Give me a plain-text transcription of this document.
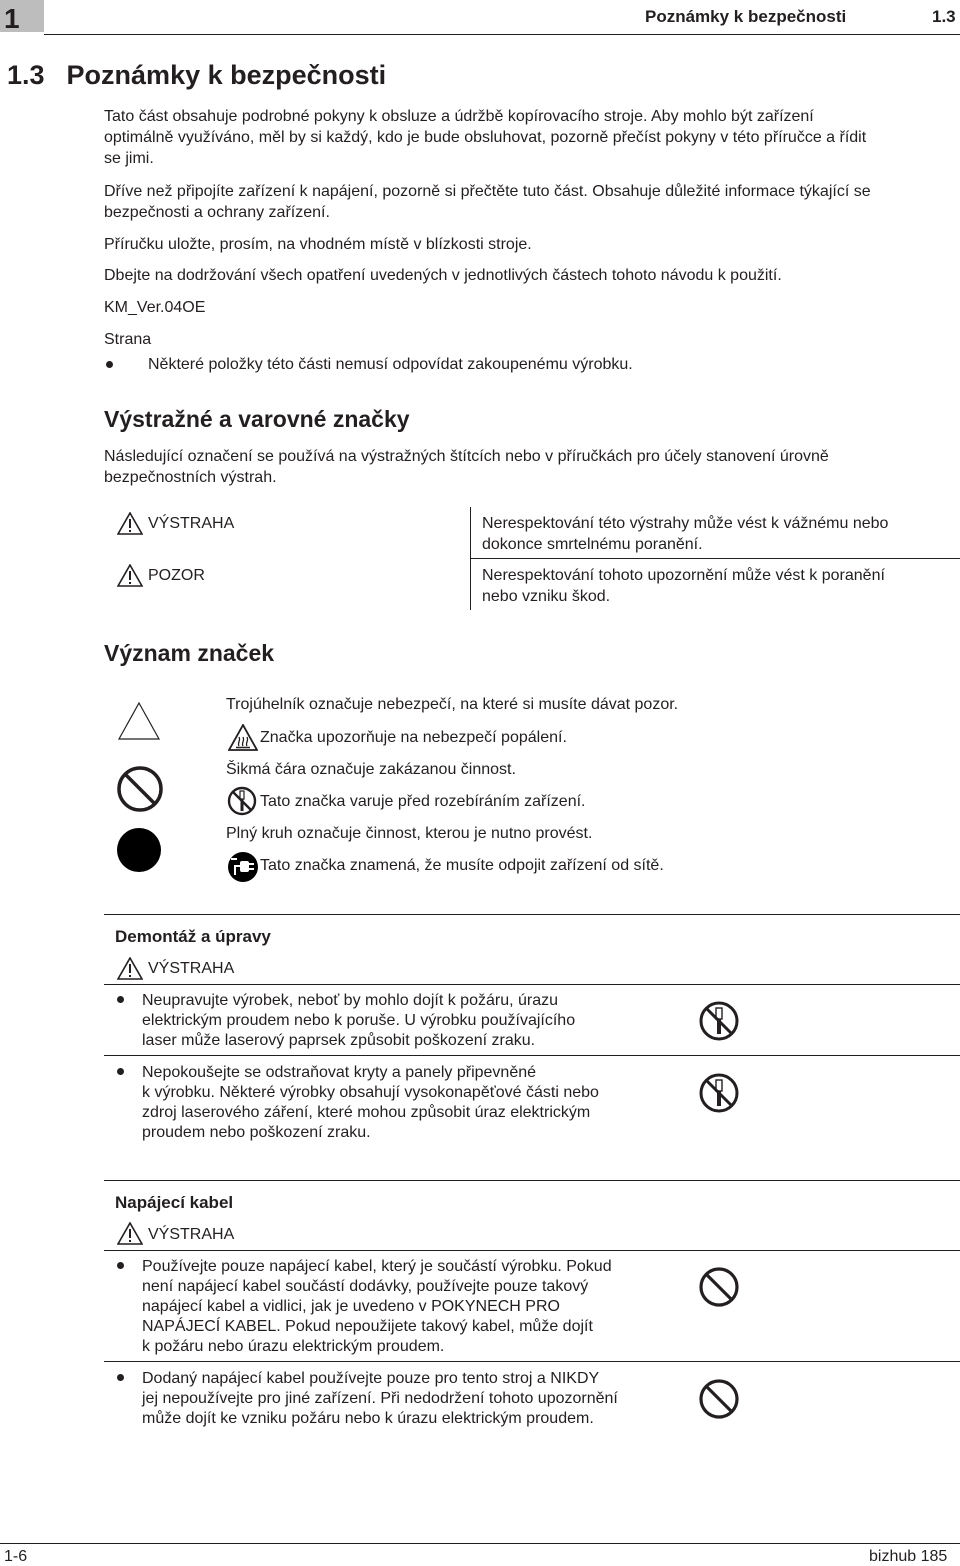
1	Poznámky k bezpečnosti	1.3
1.3 Poznámky k bezpečnosti

Tato část obsahuje podrobné pokyny k obsluze a údržbě kopírovacího stroje. Aby mohlo být zařízení

optimálně využíváno, měl by si každý, kdo je bude obsluhovat, pozorně přečíst pokyny v této příručce a řídit

se jimi.

Dříve než připojíte zařízení k napájení, pozorně si přečtěte tuto část. Obsahuje důležité informace týkající se

bezpečnosti a ochrany zařízení.

Příručku uložte, prosím, na vhodném místě v blízkosti stroje.

Dbejte na dodržování všech opatření uvedených v jednotlivých částech tohoto návodu k použití.

KM_Ver.04OE

Strana

Některé položky této části nemusí odpovídat zakoupenému výrobku.

Výstražné a varovné značky

Následující označení se používá na výstražných štítcích nebo v příručkách pro účely stanovení úrovně

bezpečnostních výstrah.

VÝSTRAHA	Nerespektování této výstrahy může vést k vážnému nebo

dokonce smrtelnému poranění.

POZOR	Nerespektování tohoto upozornění může vést k poranění

nebo vzniku škod.

Význam značek

Trojúhelník označuje nebezpečí, na které si musíte dávat pozor.

Značka upozorňuje na nebezpečí popálení.

Šikmá čára označuje zakázanou činnost.

Tato značka varuje před rozebíráním zařízení.

Plný kruh označuje činnost, kterou je nutno provést.

Tato značka znamená, že musíte odpojit zařízení od sítě.

Demontáž a úpravy

VÝSTRAHA

Neupravujte výrobek, neboť by mohlo dojít k požáru, úrazu

elektrickým proudem nebo k poruše. U výrobku používajícího

laser může laserový paprsek způsobit poškození zraku.

Nepokoušejte se odstraňovat kryty a panely připevněné

k výrobku. Některé výrobky obsahují vysokonapěťové části nebo

zdroj laserového záření, které mohou způsobit úraz elektrickým

proudem nebo poškození zraku.

Napájecí kabel

VÝSTRAHA

Používejte pouze napájecí kabel, který je součástí výrobku. Pokud

není napájecí kabel součástí dodávky, používejte pouze takový

napájecí kabel a vidlici, jak je uvedeno v POKYNECH PRO

NAPÁJECÍ KABEL. Pokud nepoužijete takový kabel, může dojít

k požáru nebo úrazu elektrickým proudem.

Dodaný napájecí kabel používejte pouze pro tento stroj a NIKDY

jej nepoužívejte pro jiné zařízení. Při nedodržení tohoto upozornění

může dojít ke vzniku požáru nebo k úrazu elektrickým proudem.

1-6	bizhub 185
